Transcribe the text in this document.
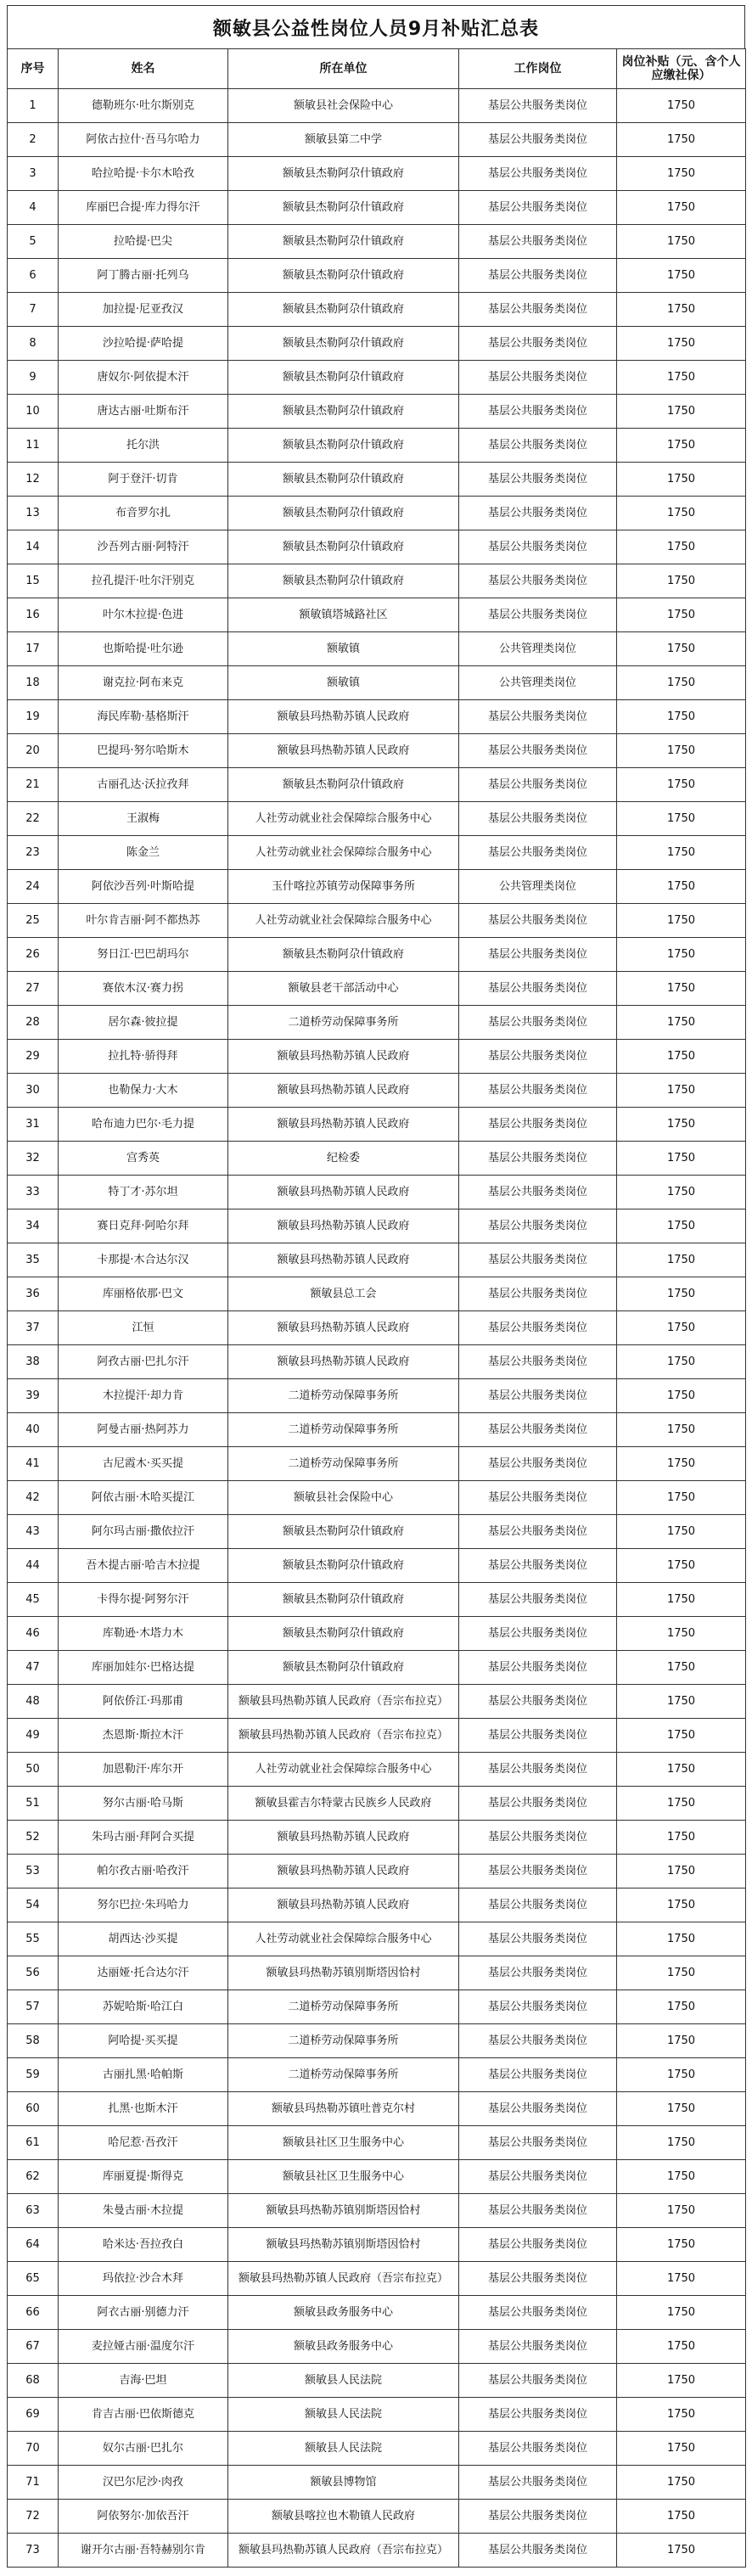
额敏县公益性岗位人员9月补贴汇总表
序号	姓名	所在单位	工作岗位	岗位补贴（元、含个人应缴社保）
1	德勒班尔·吐尔斯别克	额敏县社会保险中心	基层公共服务类岗位	1750
2	阿依古拉什·吾马尔哈力	额敏县第二中学	基层公共服务类岗位	1750
3	哈拉哈提·卡尔木哈孜	额敏县杰勒阿尕什镇政府	基层公共服务类岗位	1750
4	库丽巴合提·库力得尔汗	额敏县杰勒阿尕什镇政府	基层公共服务类岗位	1750
5	拉哈提·巴尖	额敏县杰勒阿尕什镇政府	基层公共服务类岗位	1750
6	阿丁腾古丽·托列乌	额敏县杰勒阿尕什镇政府	基层公共服务类岗位	1750
7	加拉提·尼亚孜汉	额敏县杰勒阿尕什镇政府	基层公共服务类岗位	1750
8	沙拉哈提·萨哈提	额敏县杰勒阿尕什镇政府	基层公共服务类岗位	1750
9	唐奴尔·阿依提木汗	额敏县杰勒阿尕什镇政府	基层公共服务类岗位	1750
10	唐达古丽·吐斯布汗	额敏县杰勒阿尕什镇政府	基层公共服务类岗位	1750
11	托尔洪	额敏县杰勒阿尕什镇政府	基层公共服务类岗位	1750
12	阿于登汗·切肯	额敏县杰勒阿尕什镇政府	基层公共服务类岗位	1750
13	布音罗尔扎	额敏县杰勒阿尕什镇政府	基层公共服务类岗位	1750
14	沙吾列古丽·阿特汗	额敏县杰勒阿尕什镇政府	基层公共服务类岗位	1750
15	拉孔提汗·吐尔汗别克	额敏县杰勒阿尕什镇政府	基层公共服务类岗位	1750
16	叶尔木拉提·色进	额敏镇塔城路社区	基层公共服务类岗位	1750
17	也斯哈提·吐尔逊	额敏镇	公共管理类岗位	1750
18	谢克拉·阿布来克	额敏镇	公共管理类岗位	1750
19	海民库勒·基格斯汗	额敏县玛热勒苏镇人民政府	基层公共服务类岗位	1750
20	巴提玛·努尔哈斯木	额敏县玛热勒苏镇人民政府	基层公共服务类岗位	1750
21	古丽孔达·沃拉孜拜	额敏县杰勒阿尕什镇政府	基层公共服务类岗位	1750
22	王淑梅	人社劳动就业社会保障综合服务中心	基层公共服务类岗位	1750
23	陈金兰	人社劳动就业社会保障综合服务中心	基层公共服务类岗位	1750
24	阿依沙吾列·叶斯哈提	玉什喀拉苏镇劳动保障事务所	公共管理类岗位	1750
25	叶尔肯吉丽·阿不都热苏	人社劳动就业社会保障综合服务中心	基层公共服务类岗位	1750
26	努日江·巴巴胡玛尔	额敏县杰勒阿尕什镇政府	基层公共服务类岗位	1750
27	赛依木汉·赛力拐	额敏县老干部活动中心	基层公共服务类岗位	1750
28	居尔森·彼拉提	二道桥劳动保障事务所	基层公共服务类岗位	1750
29	拉扎特·骄得拜	额敏县玛热勒苏镇人民政府	基层公共服务类岗位	1750
30	也勒保力·大木	额敏县玛热勒苏镇人民政府	基层公共服务类岗位	1750
31	哈布迪力巴尔·毛力提	额敏县玛热勒苏镇人民政府	基层公共服务类岗位	1750
32	宫秀英	纪检委	基层公共服务类岗位	1750
33	特丁才·苏尔坦	额敏县玛热勒苏镇人民政府	基层公共服务类岗位	1750
34	赛日克拜·阿哈尔拜	额敏县玛热勒苏镇人民政府	基层公共服务类岗位	1750
35	卡那提·木合达尔汉	额敏县玛热勒苏镇人民政府	基层公共服务类岗位	1750
36	库丽格依那·巴文	额敏县总工会	基层公共服务类岗位	1750
37	江恒	额敏县玛热勒苏镇人民政府	基层公共服务类岗位	1750
38	阿孜古丽·巴扎尔汗	额敏县玛热勒苏镇人民政府	基层公共服务类岗位	1750
39	木拉提汗·却力肯	二道桥劳动保障事务所	基层公共服务类岗位	1750
40	阿曼古丽·热阿苏力	二道桥劳动保障事务所	基层公共服务类岗位	1750
41	古尼霞木·买买提	二道桥劳动保障事务所	基层公共服务类岗位	1750
42	阿依古丽·木哈买提江	额敏县社会保险中心	基层公共服务类岗位	1750
43	阿尔玛古丽·撒依拉汗	额敏县杰勒阿尕什镇政府	基层公共服务类岗位	1750
44	吾木提古丽·哈吉木拉提	额敏县杰勒阿尕什镇政府	基层公共服务类岗位	1750
45	卡得尔提·阿努尔汗	额敏县杰勒阿尕什镇政府	基层公共服务类岗位	1750
46	库勒逊·木塔力木	额敏县杰勒阿尕什镇政府	基层公共服务类岗位	1750
47	库丽加娃尔·巴格达提	额敏县杰勒阿尕什镇政府	基层公共服务类岗位	1750
48	阿依侨江·玛那甫	额敏县玛热勒苏镇人民政府（吾宗布拉克）	基层公共服务类岗位	1750
49	杰恩斯·斯拉木汗	额敏县玛热勒苏镇人民政府（吾宗布拉克）	基层公共服务类岗位	1750
50	加恩勒汗·库尔开	人社劳动就业社会保障综合服务中心	基层公共服务类岗位	1750
51	努尔古丽·哈马斯	额敏县霍吉尔特蒙古民族乡人民政府	基层公共服务类岗位	1750
52	朱玛古丽·拜阿合买提	额敏县玛热勒苏镇人民政府	基层公共服务类岗位	1750
53	帕尔孜古丽·哈孜汗	额敏县玛热勒苏镇人民政府	基层公共服务类岗位	1750
54	努尔巴拉·朱玛哈力	额敏县玛热勒苏镇人民政府	基层公共服务类岗位	1750
55	胡西达·沙买提	人社劳动就业社会保障综合服务中心	基层公共服务类岗位	1750
56	达丽娅·托合达尔汗	额敏县玛热勒苏镇别斯塔因恰村	基层公共服务类岗位	1750
57	苏妮哈斯·哈江白	二道桥劳动保障事务所	基层公共服务类岗位	1750
58	阿哈提·买买提	二道桥劳动保障事务所	基层公共服务类岗位	1750
59	古丽扎黑·哈帕斯	二道桥劳动保障事务所	基层公共服务类岗位	1750
60	扎黑·也斯木汗	额敏县玛热勒苏镇吐普克尔村	基层公共服务类岗位	1750
61	哈尼惹·吾孜汗	额敏县社区卫生服务中心	基层公共服务类岗位	1750
62	库丽夏提·斯得克	额敏县社区卫生服务中心	基层公共服务类岗位	1750
63	朱曼古丽·木拉提	额敏县玛热勒苏镇别斯塔因恰村	基层公共服务类岗位	1750
64	哈米达·吾拉孜白	额敏县玛热勒苏镇别斯塔因恰村	基层公共服务类岗位	1750
65	玛依拉·沙合木拜	额敏县玛热勒苏镇人民政府（吾宗布拉克）	基层公共服务类岗位	1750
66	阿衣古丽·别德力汗	额敏县政务服务中心	基层公共服务类岗位	1750
67	麦拉娅古丽·温度尔汗	额敏县政务服务中心	基层公共服务类岗位	1750
68	吉海·巴坦	额敏县人民法院	基层公共服务类岗位	1750
69	肯吉古丽·巴依斯德克	额敏县人民法院	基层公共服务类岗位	1750
70	奴尔古丽·巴扎尔	额敏县人民法院	基层公共服务类岗位	1750
71	汉巴尔尼沙·肉孜	额敏县博物馆	基层公共服务类岗位	1750
72	阿依努尔·加依吾汗	额敏县喀拉也木勒镇人民政府	基层公共服务类岗位	1750
73	谢开尔古丽·吾特赫别尔肯	额敏县玛热勒苏镇人民政府（吾宗布拉克）	基层公共服务类岗位	1750
